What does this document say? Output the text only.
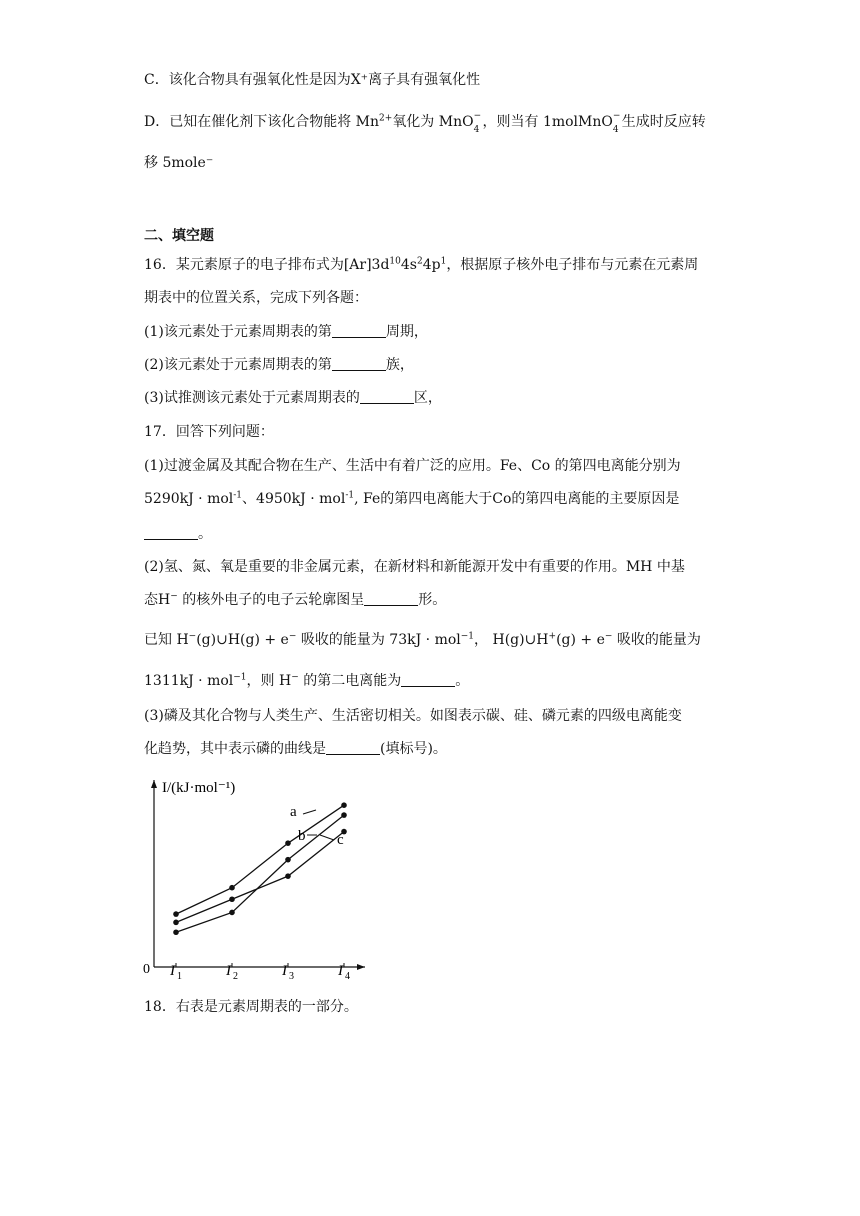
C．该化合物具有强氧化性是因为X⁺离子具有强氧化性
D．已知在催化剂下该化合物能将 $Mn^{2+}$氧化为 MnO −
4 ，则当有 1molMnO −
4 生成时反应转
移 5mole⁻
二、填空题
16．某元素原子的电子排布式为$[Ar]3d^{10}4s^24p^1$，根据原子核外电子排布与元素在元素周
期表中的位置关系，完成下列各题：
(1)该元素处于元素周期表的第	周期，
(2)该元素处于元素周期表的第	族，
(3)试推测该元素处于元素周期表的	区，
17．回答下列问题：
(1)过渡金属及其配合物在生产、生活中有着广泛的应用。Fe、Co 的第四电离能分别为
5290kJ · mol$^{-1}$、4950kJ · mol$^{-1}$, Fe的第四电离能大于Co的第四电离能的主要原因是
。
(2)氢、氮、氧是重要的非金属元素，在新材料和新能源开发中有重要的作用。MH 中基
态H− 的核外电子的电子云轮廓图呈	形。
已知 H−(g)∪H(g) + e− 吸收的能量为 73kJ · mol$^{-1}$， H(g)∪H+(g) + e− 吸收的能量为
1311kJ · mol$^{-1}$，则 H− 的第二电离能为	。
(3)磷及其化合物与人类生产、生活密切相关。如图表示碳、硅、磷元素的四级电离能变
化趋势，其中表示磷的曲线是	(填标号)。
I/(kJ·mol⁻¹)
0 I 1	I 2	I 3	I 4
a
b c
18．右表是元素周期表的一部分。
